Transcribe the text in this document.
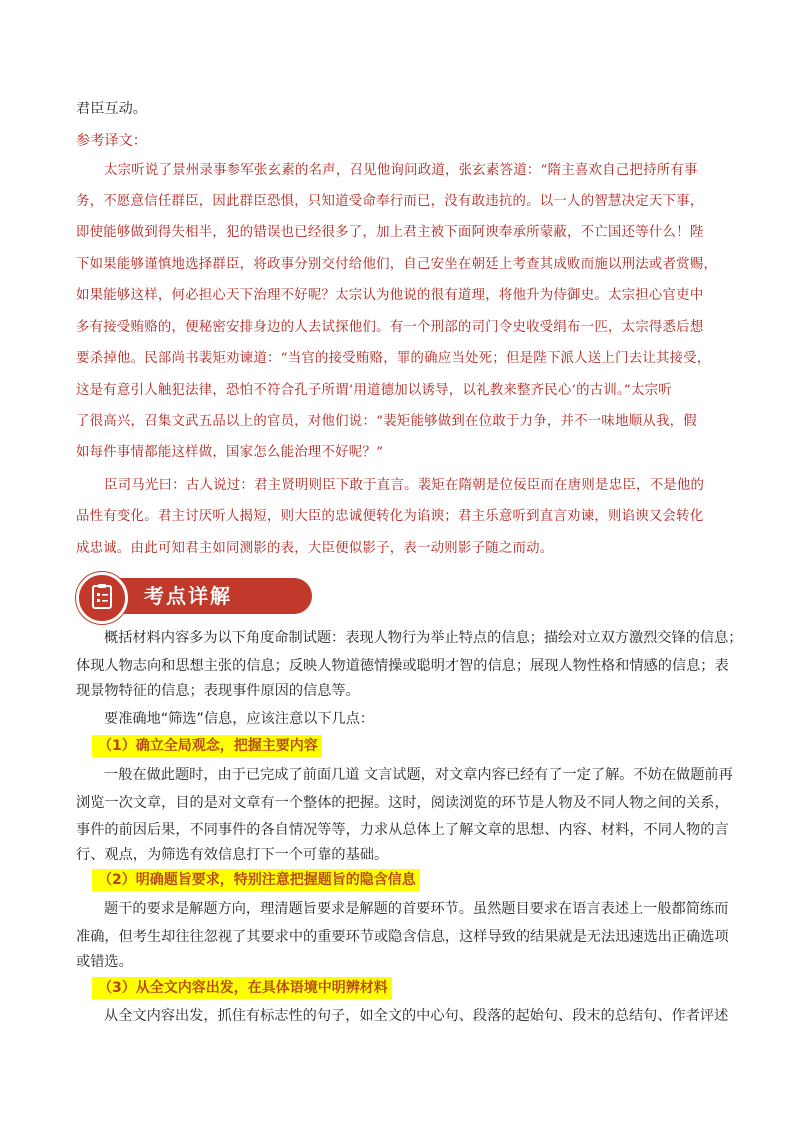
君臣互动。
参考译文：
太宗听说了景州录事参军张玄素的名声，召见他询问政道，张玄素答道：“隋主喜欢自己把持所有事
务，不愿意信任群臣，因此群臣恐惧，只知道受命奉行而已，没有敢违抗的。以一人的智慧决定天下事，
即使能够做到得失相半，犯的错误也已经很多了，加上君主被下面阿谀奉承所蒙蔽，不亡国还等什么！陛
下如果能够谨慎地选择群臣，将政事分别交付给他们，自己安坐在朝廷上考查其成败而施以刑法或者赏赐，
如果能够这样，何必担心天下治理不好呢？太宗认为他说的很有道理，将他升为侍御史。太宗担心官吏中
多有接受贿赂的，便秘密安排身边的人去试探他们。有一个刑部的司门令史收受绢布一匹，太宗得悉后想
要杀掉他。民部尚书裴矩劝谏道：“当官的接受贿赂，罪的确应当处死；但是陛下派人送上门去让其接受，
这是有意引人触犯法律，恐怕不符合孔子所谓‘用道德加以诱导，以礼教来整齐民心’的古训。”太宗听
了很高兴，召集文武五品以上的官员，对他们说：“裴矩能够做到在位敢于力争，并不一味地顺从我，假
如每件事情都能这样做，国家怎么能治理不好呢？”
臣司马光曰：古人说过：君主贤明则臣下敢于直言。裴矩在隋朝是位佞臣而在唐则是忠臣，不是他的
品性有变化。君主讨厌听人揭短，则大臣的忠诚便转化为谄谀；君主乐意听到直言劝谏，则谄谀又会转化
成忠诚。由此可知君主如同测影的表，大臣便似影子，表一动则影子随之而动。
考点详解
概括材料内容多为以下角度命制试题：表现人物行为举止特点的信息；描绘对立双方激烈交锋的信息；
体现人物志向和思想主张的信息；反映人物道德情操或聪明才智的信息；展现人物性格和情感的信息；表
现景物特征的信息；表现事件原因的信息等。
要准确地“筛选”信息，应该注意以下几点：
（1）确立全局观念，把握主要内容
一般在做此题时，由于已完成了前面几道 文言试题，对文章内容已经有了一定了解。不妨在做题前再
浏览一次文章，目的是对文章有一个整体的把握。这时，阅读浏览的环节是人物及不同人物之间的关系，
事件的前因后果，不同事件的各自情况等等，力求从总体上了解文章的思想、内容、材料，不同人物的言
行、观点，为筛选有效信息打下一个可靠的基础。
（2）明确题旨要求，特别注意把握题旨的隐含信息
题干的要求是解题方向，理清题旨要求是解题的首要环节。虽然题目要求在语言表述上一般都简练而
准确，但考生却往往忽视了其要求中的重要环节或隐含信息，这样导致的结果就是无法迅速选出正确选项
或错选。
（3）从全文内容出发，在具体语境中明辨材料
从全文内容出发，抓住有标志性的句子，如全文的中心句、段落的起始句、段末的总结句、作者评述
